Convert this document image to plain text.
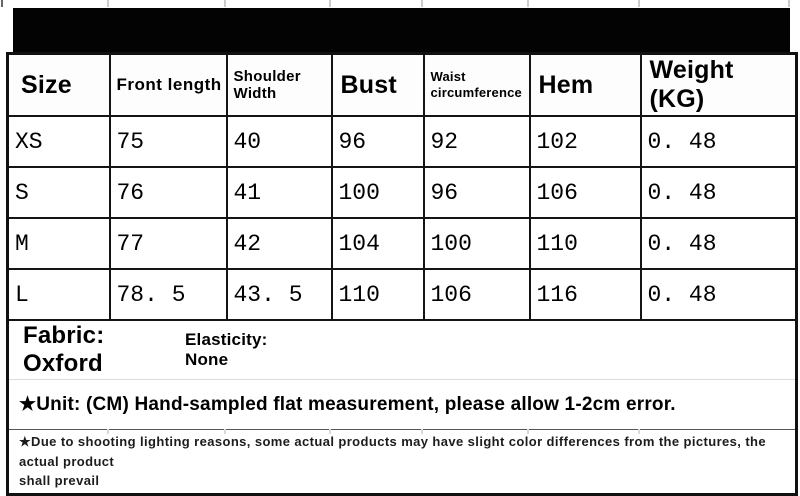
Size	Front length	Shoulder Width	Bust	Waist circumference	Hem	Weight (KG)
XS	75	40	96	92	102	0. 48
S	76	41	100	96	106	0. 48
M	77	42	104	100	110	0. 48
L	78. 5	43. 5	110	106	116	0. 48

Fabric: Oxford
Elasticity:
None						

★Unit: (CM) Hand-sampled flat measurement, please allow 1-2cm error.						

★Due to shooting lighting reasons, some actual products may have slight color differences from the pictures, the actual product
shall prevail						
